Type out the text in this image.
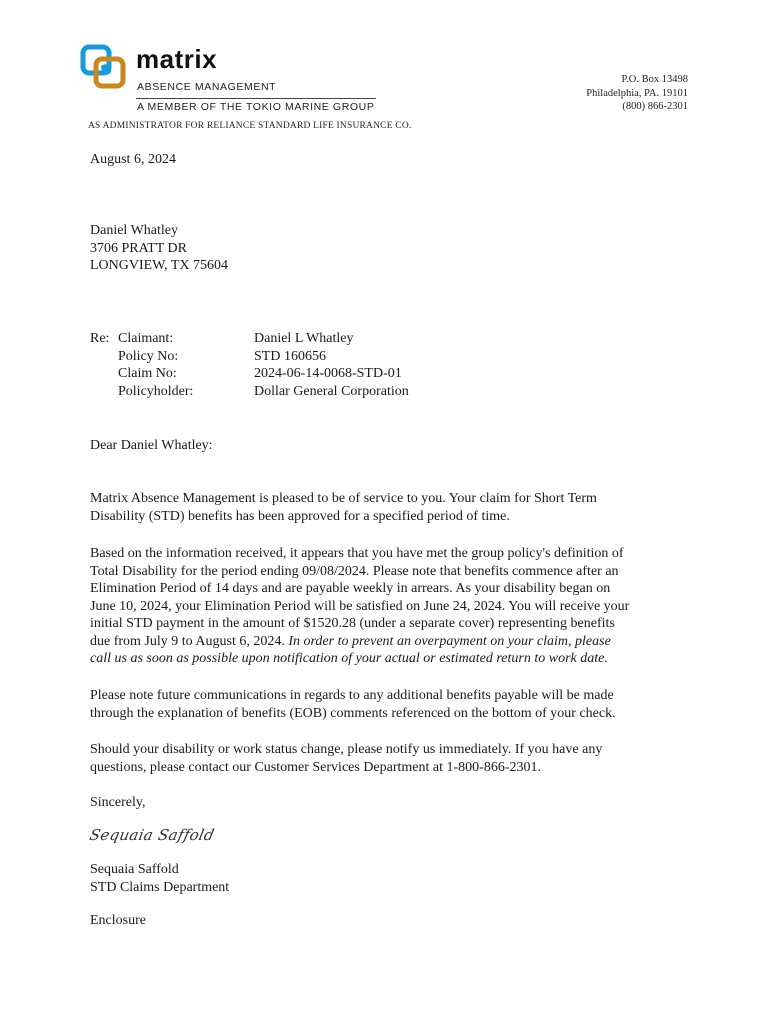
matrix
ABSENCE MANAGEMENT
A MEMBER OF THE TOKIO MARINE GROUP
AS ADMINISTRATOR FOR RELIANCE STANDARD LIFE INSURANCE CO.
P.O. Box 13498
Philadelphia, PA. 19101
(800) 866-2301
August 6, 2024
Daniel Whatley
3706 PRATT DR
LONGVIEW, TX 75604
Re: Claimant:	Daniel L Whatley
Policy No:	STD 160656
Claim No:	2024-06-14-0068-STD-01
Policyholder:	Dollar General Corporation
Dear Daniel Whatley:
Matrix Absence Management is pleased to be of service to you. Your claim for Short Term
Disability (STD) benefits has been approved for a specified period of time.
Based on the information received, it appears that you have met the group policy's definition of
Total Disability for the period ending 09/08/2024. Please note that benefits commence after an
Elimination Period of 14 days and are payable weekly in arrears. As your disability began on
June 10, 2024, your Elimination Period will be satisfied on June 24, 2024. You will receive your
initial STD payment in the amount of $1520.28 (under a separate cover) representing benefits
due from July 9 to August 6, 2024. In order to prevent an overpayment on your claim, please
call us as soon as possible upon notification of your actual or estimated return to work date.
Please note future communications in regards to any additional benefits payable will be made
through the explanation of benefits (EOB) comments referenced on the bottom of your check.
Should your disability or work status change, please notify us immediately. If you have any
questions, please contact our Customer Services Department at 1-800-866-2301.
Sincerely,
Sequaia Saffold
Sequaia Saffold
STD Claims Department
Enclosure
